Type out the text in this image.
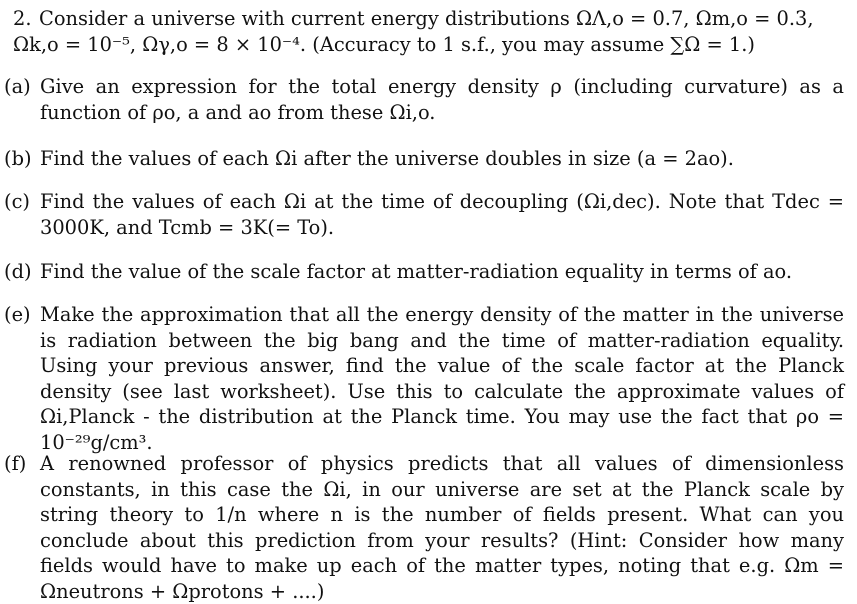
2. Consider a universe with current energy distributions ΩΛ,o = 0.7, Ωm,o = 0.3, Ωk,o = 10⁻⁵, Ωγ,o = 8 × 10⁻⁴. (Accuracy to 1 s.f., you may assume ∑Ω = 1.)
(a) Give an expression for the total energy density ρ (including curvature) as a function of ρo, a and ao from these Ωi,o.
(b) Find the values of each Ωi after the universe doubles in size (a = 2ao).
(c) Find the values of each Ωi at the time of decoupling (Ωi,dec). Note that Tdec = 3000K, and Tcmb = 3K(= To).
(d) Find the value of the scale factor at matter-radiation equality in terms of ao.
(e) Make the approximation that all the energy density of the matter in the universe is radiation between the big bang and the time of matter-radiation equality. Using your previous answer, find the value of the scale factor at the Planck density (see last worksheet). Use this to calculate the approximate values of Ωi,Planck - the distribution at the Planck time. You may use the fact that ρo = 10⁻²⁹g/cm³.
(f) A renowned professor of physics predicts that all values of dimensionless constants, in this case the Ωi, in our universe are set at the Planck scale by string theory to 1/n where n is the number of fields present. What can you conclude about this prediction from your results? (Hint: Consider how many fields would have to make up each of the matter types, noting that e.g. Ωm = Ωneutrons + Ωprotons + ....)
